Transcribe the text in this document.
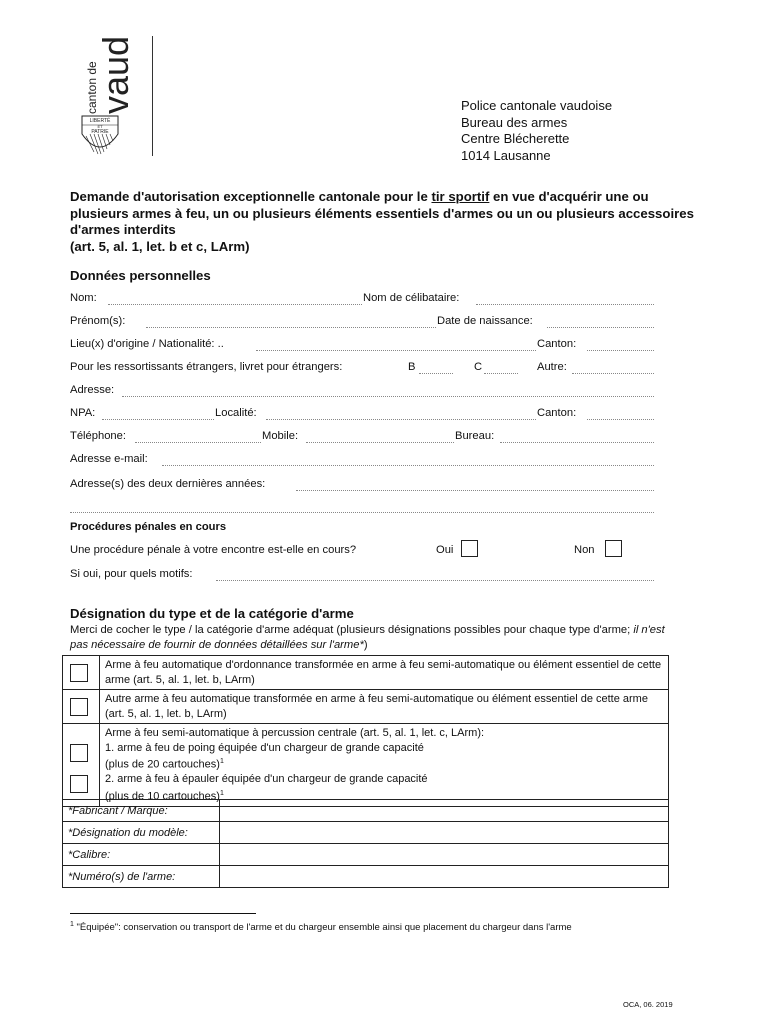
canton de
vaud
LIBERTÉ
ET
PATRIE
Police cantonale vaudoise
Bureau des armes
Centre Blécherette
1014 Lausanne
Demande d'autorisation exceptionnelle cantonale pour le tir sportif en vue d'acquérir une ou plusieurs armes à feu, un ou plusieurs éléments essentiels d'armes ou un ou plusieurs accessoires d'armes interdits
(art. 5, al. 1, let. b et c, LArm)
Données personnelles
Nom:	Nom de célibataire:
Prénom(s):	Date de naissance:
Lieu(x) d'origine / Nationalité: ..	Canton:
Pour les ressortissants étrangers, livret pour étrangers:	B	C	Autre:
Adresse:
NPA:	Localité:	Canton:
Téléphone:	Mobile:	Bureau:
Adresse e-mail:
Adresse(s) des deux dernières années:
Procédures pénales en cours
Une procédure pénale à votre encontre est-elle en cours?	Oui	Non
Si oui, pour quels motifs:
Désignation du type et de la catégorie d'arme
Merci de cocher le type / la catégorie d'arme adéquat (plusieurs désignations possibles pour chaque type d'arme; il n'est pas nécessaire de fournir de données détaillées sur l'arme*)
	Arme à feu automatique d'ordonnance transformée en arme à feu semi-automatique ou élément essentiel de cette arme (art. 5, al. 1, let. b, LArm)

	Autre arme à feu automatique transformée en arme à feu semi-automatique ou élément essentiel de cette arme (art. 5, al. 1, let. b, LArm)

	Arme à feu semi-automatique à percussion centrale (art. 5, al. 1, let. c, LArm):
1. arme à feu de poing équipée d'un chargeur de grande capacité
(plus de 20 cartouches)$^1$
2. arme à feu à épauler équipée d'un chargeur de grande capacité
(plus de 10 cartouches)$^1$
*Fabricant / Marque:	
*Désignation du modèle:	
*Calibre:	
*Numéro(s) de l'arme:	
$^1$ "Équipée": conservation ou transport de l'arme et du chargeur ensemble ainsi que placement du chargeur dans l'arme
OCA, 06. 2019
